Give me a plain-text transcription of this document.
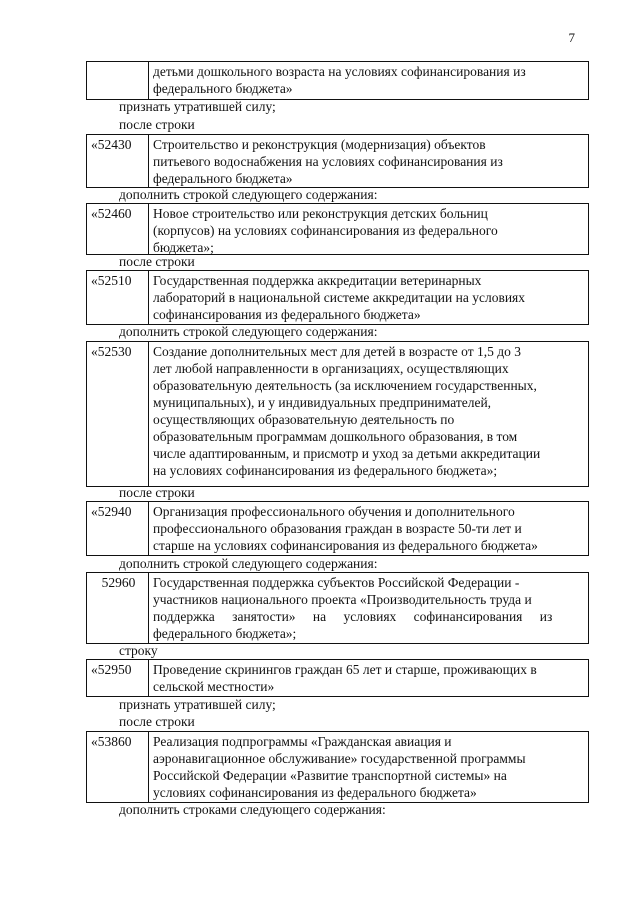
7
детьми дошкольного возраста на условиях софинансирования из
федерального бюджета»
признать утратившей силу;
после строки
«52430	Строительство и реконструкция (модернизация) объектов
питьевого водоснабжения на условиях софинансирования из
федерального бюджета»
дополнить строкой следующего содержания:
«52460	Новое строительство или реконструкция детских больниц
(корпусов) на условиях софинансирования из федерального
бюджета»;
после строки
«52510	Государственная поддержка аккредитации ветеринарных
лабораторий в национальной системе аккредитации на условиях
софинансирования из федерального бюджета»
дополнить строкой следующего содержания:
«52530	Создание дополнительных мест для детей в возрасте от 1,5 до 3
лет любой направленности в организациях, осуществляющих
образовательную деятельность (за исключением государственных,
муниципальных), и у индивидуальных предпринимателей,
осуществляющих образовательную деятельность по
образовательным программам дошкольного образования, в том
числе адаптированным, и присмотр и уход за детьми аккредитации
на условиях софинансирования из федерального бюджета»;
после строки
«52940	Организация профессионального обучения и дополнительного
профессионального образования граждан в возрасте 50-ти лет и
старше на условиях софинансирования из федерального бюджета»
дополнить строкой следующего содержания:
52960	Государственная поддержка субъектов Российской Федерации -
участников национального проекта «Производительность труда и
поддержка занятости» на условиях софинансирования из
федерального бюджета»;
строку
«52950	Проведение скринингов граждан 65 лет и старше, проживающих в
сельской местности»
признать утратившей силу;
после строки
«53860	Реализация подпрограммы «Гражданская авиация и
аэронавигационное обслуживание» государственной программы
Российской Федерации «Развитие транспортной системы» на
условиях софинансирования из федерального бюджета»
дополнить строками следующего содержания:
